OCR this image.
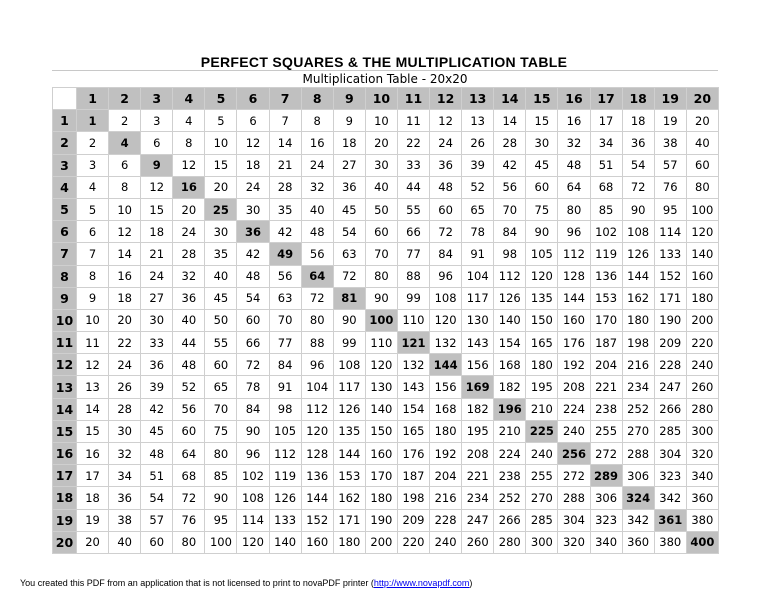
PERFECT SQUARES & THE MULTIPLICATION TABLE
Multiplication Table - 20x20
	1	2	3	4	5	6	7	8	9	10	11	12	13	14	15	16	17	18	19	20
1	1	2	3	4	5	6	7	8	9	10	11	12	13	14	15	16	17	18	19	20
2	2	4	6	8	10	12	14	16	18	20	22	24	26	28	30	32	34	36	38	40
3	3	6	9	12	15	18	21	24	27	30	33	36	39	42	45	48	51	54	57	60
4	4	8	12	16	20	24	28	32	36	40	44	48	52	56	60	64	68	72	76	80
5	5	10	15	20	25	30	35	40	45	50	55	60	65	70	75	80	85	90	95	100
6	6	12	18	24	30	36	42	48	54	60	66	72	78	84	90	96	102	108	114	120
7	7	14	21	28	35	42	49	56	63	70	77	84	91	98	105	112	119	126	133	140
8	8	16	24	32	40	48	56	64	72	80	88	96	104	112	120	128	136	144	152	160
9	9	18	27	36	45	54	63	72	81	90	99	108	117	126	135	144	153	162	171	180
10	10	20	30	40	50	60	70	80	90	100	110	120	130	140	150	160	170	180	190	200
11	11	22	33	44	55	66	77	88	99	110	121	132	143	154	165	176	187	198	209	220
12	12	24	36	48	60	72	84	96	108	120	132	144	156	168	180	192	204	216	228	240
13	13	26	39	52	65	78	91	104	117	130	143	156	169	182	195	208	221	234	247	260
14	14	28	42	56	70	84	98	112	126	140	154	168	182	196	210	224	238	252	266	280
15	15	30	45	60	75	90	105	120	135	150	165	180	195	210	225	240	255	270	285	300
16	16	32	48	64	80	96	112	128	144	160	176	192	208	224	240	256	272	288	304	320
17	17	34	51	68	85	102	119	136	153	170	187	204	221	238	255	272	289	306	323	340
18	18	36	54	72	90	108	126	144	162	180	198	216	234	252	270	288	306	324	342	360
19	19	38	57	76	95	114	133	152	171	190	209	228	247	266	285	304	323	342	361	380
20	20	40	60	80	100	120	140	160	180	200	220	240	260	280	300	320	340	360	380	400
You created this PDF from an application that is not licensed to print to novaPDF printer (http://www.novapdf.com)
